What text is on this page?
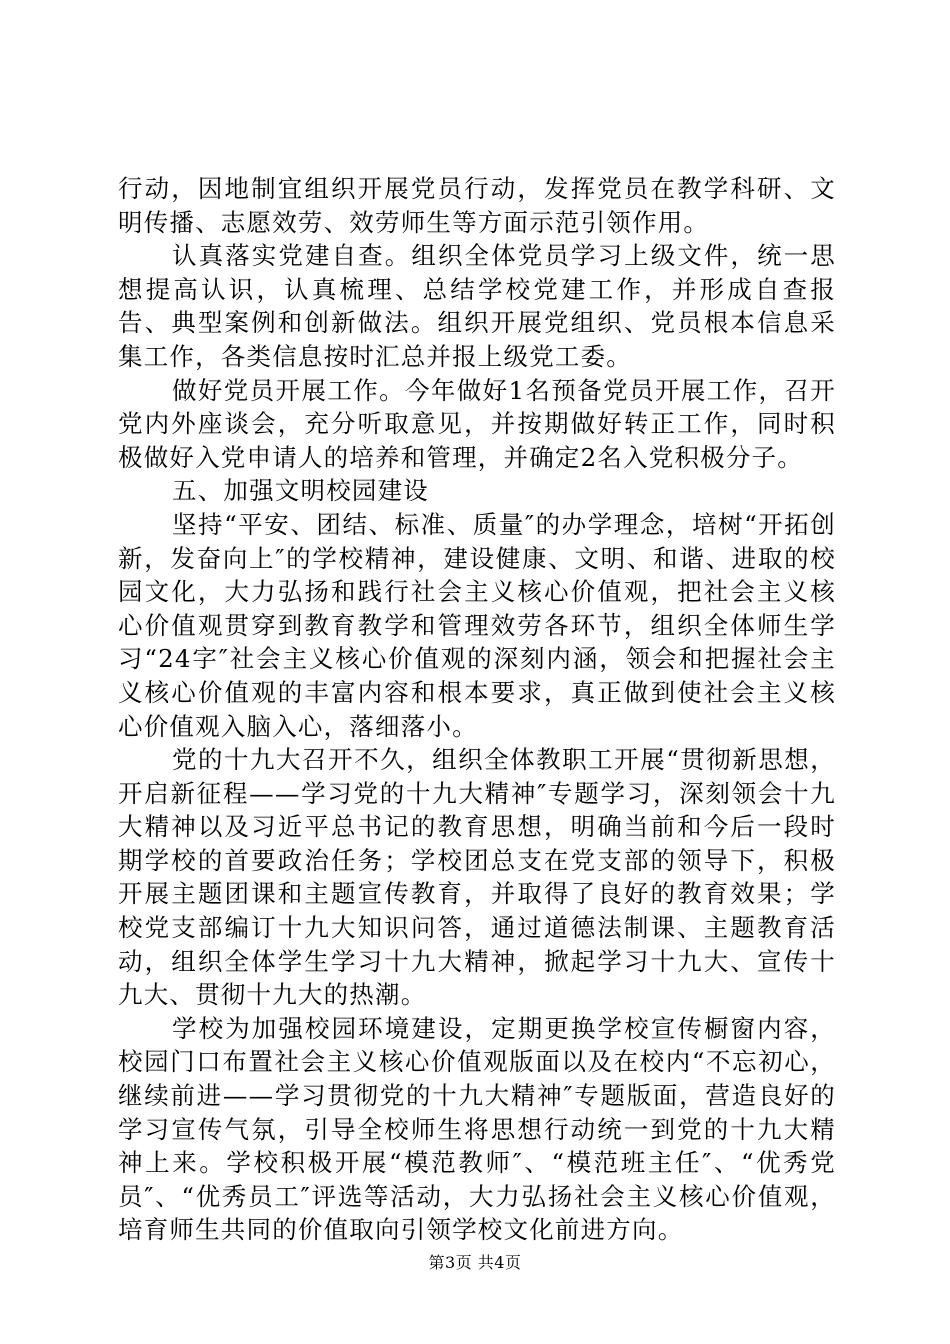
行动，因地制宜组织开展党员行动，发挥党员在教学科研、文明传播、志愿效劳、效劳师生等方面示范引领作用。

认真落实党建自查。组织全体党员学习上级文件，统一思想提高认识，认真梳理、总结学校党建工作，并形成自查报告、典型案例和创新做法。组织开展党组织、党员根本信息采集工作，各类信息按时汇总并报上级党工委。

做好党员开展工作。今年做好1名预备党员开展工作，召开党内外座谈会，充分听取意见，并按期做好转正工作，同时积极做好入党申请人的培养和管理，并确定2名入党积极分子。

五、加强文明校园建设

坚持“平安、团结、标准、质量″的办学理念，培树“开拓创新，发奋向上″的学校精神，建设健康、文明、和谐、进取的校园文化，大力弘扬和践行社会主义核心价值观，把社会主义核心价值观贯穿到教育教学和管理效劳各环节，组织全体师生学习“24字″社会主义核心价值观的深刻内涵，领会和把握社会主义核心价值观的丰富内容和根本要求，真正做到使社会主义核心价值观入脑入心，落细落小。

党的十九大召开不久，组织全体教职工开展“贯彻新思想，开启新征程——学习党的十九大精神″专题学习，深刻领会十九大精神以及习近平总书记的教育思想，明确当前和今后一段时期学校的首要政治任务；学校团总支在党支部的领导下，积极开展主题团课和主题宣传教育，并取得了良好的教育效果；学校党支部编订十九大知识问答，通过道德法制课、主题教育活动，组织全体学生学习十九大精神，掀起学习十九大、宣传十九大、贯彻十九大的热潮。

学校为加强校园环境建设，定期更换学校宣传橱窗内容，校园门口布置社会主义核心价值观版面以及在校内“不忘初心，继续前进——学习贯彻党的十九大精神″专题版面，营造良好的学习宣传气氛，引导全校师生将思想行动统一到党的十九大精神上来。学校积极开展“模范教师″、“模范班主任″、“优秀党员″、“优秀员工″评选等活动，大力弘扬社会主义核心价值观，培育师生共同的价值取向引领学校文化前进方向。

第3页 共4页
